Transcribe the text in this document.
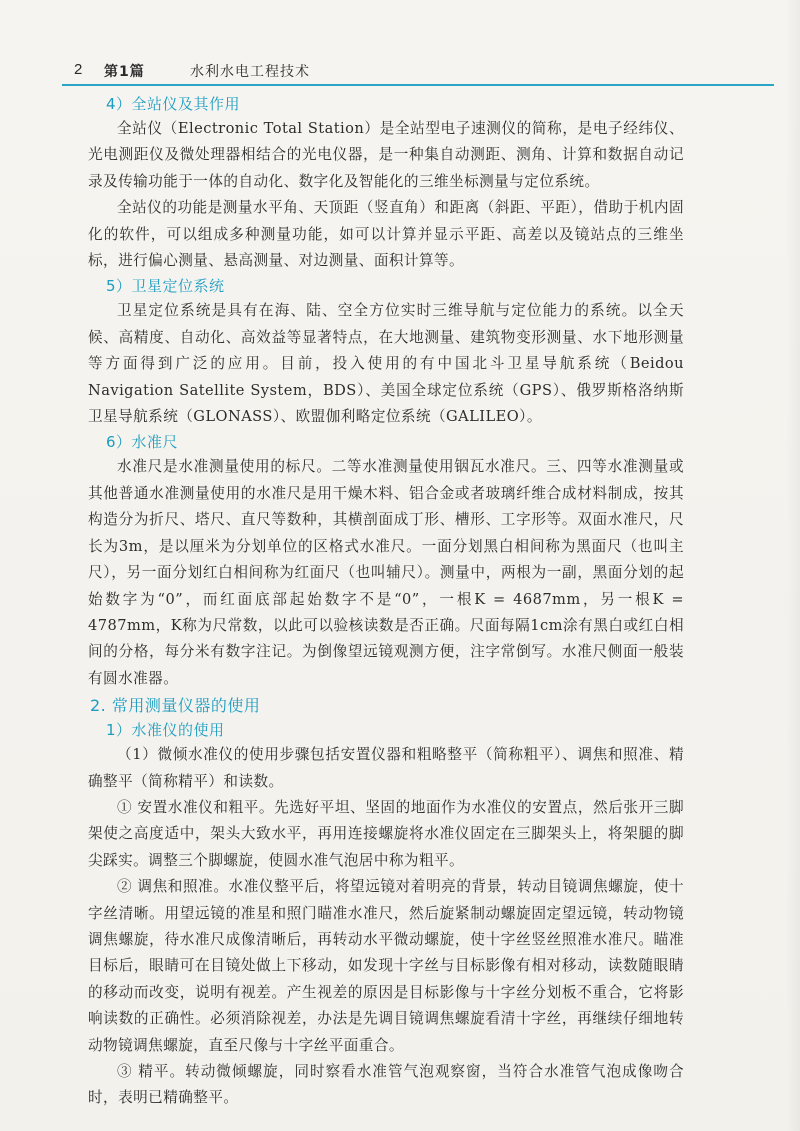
2 第1篇	水利水电工程技术
4）全站仪及其作用

全站仪（Electronic Total Station）是全站型电子速测仪的简称，是电子经纬仪、光电测距仪及微处理器相结合的光电仪器，是一种集自动测距、测角、计算和数据自动记录及传输功能于一体的自动化、数字化及智能化的三维坐标测量与定位系统。

全站仪的功能是测量水平角、天顶距（竖直角）和距离（斜距、平距），借助于机内固化的软件，可以组成多种测量功能，如可以计算并显示平距、高差以及镜站点的三维坐标，进行偏心测量、悬高测量、对边测量、面积计算等。

5）卫星定位系统

卫星定位系统是具有在海、陆、空全方位实时三维导航与定位能力的系统。以全天候、高精度、自动化、高效益等显著特点，在大地测量、建筑物变形测量、水下地形测量等方面得到广泛的应用。目前，投入使用的有中国北斗卫星导航系统（Beidou Navigation Satellite System，BDS）、美国全球定位系统（GPS）、俄罗斯格洛纳斯卫星导航系统（GLONASS）、欧盟伽利略定位系统（GALILEO）。

6）水准尺

水准尺是水准测量使用的标尺。二等水准测量使用铟瓦水准尺。三、四等水准测量或其他普通水准测量使用的水准尺是用干燥木料、铝合金或者玻璃纤维合成材料制成，按其构造分为折尺、塔尺、直尺等数种，其横剖面成丁形、槽形、工字形等。双面水准尺，尺长为3m，是以厘米为分划单位的区格式水准尺。一面分划黑白相间称为黑面尺（也叫主尺），另一面分划红白相间称为红面尺（也叫辅尺）。测量中，两根为一副，黑面分划的起始数字为“0”，而红面底部起始数字不是“0”，一根K = 4687mm，另一根K = 4787mm，K称为尺常数，以此可以验核读数是否正确。尺面每隔1cm涂有黑白或红白相间的分格，每分米有数字注记。为倒像望远镜观测方便，注字常倒写。水准尺侧面一般装有圆水准器。

2. 常用测量仪器的使用
1）水准仪的使用

（1）微倾水准仪的使用步骤包括安置仪器和粗略整平（简称粗平）、调焦和照准、精确整平（简称精平）和读数。

① 安置水准仪和粗平。先选好平坦、坚固的地面作为水准仪的安置点，然后张开三脚架使之高度适中，架头大致水平，再用连接螺旋将水准仪固定在三脚架头上，将架腿的脚尖踩实。调整三个脚螺旋，使圆水准气泡居中称为粗平。

② 调焦和照准。水准仪整平后，将望远镜对着明亮的背景，转动目镜调焦螺旋，使十字丝清晰。用望远镜的准星和照门瞄准水准尺，然后旋紧制动螺旋固定望远镜，转动物镜调焦螺旋，待水准尺成像清晰后，再转动水平微动螺旋，使十字丝竖丝照准水准尺。瞄准目标后，眼睛可在目镜处做上下移动，如发现十字丝与目标影像有相对移动，读数随眼睛的移动而改变，说明有视差。产生视差的原因是目标影像与十字丝分划板不重合，它将影响读数的正确性。必须消除视差，办法是先调目镜调焦螺旋看清十字丝，再继续仔细地转动物镜调焦螺旋，直至尺像与十字丝平面重合。

③ 精平。转动微倾螺旋，同时察看水准管气泡观察窗，当符合水准管气泡成像吻合时，表明已精确整平。
